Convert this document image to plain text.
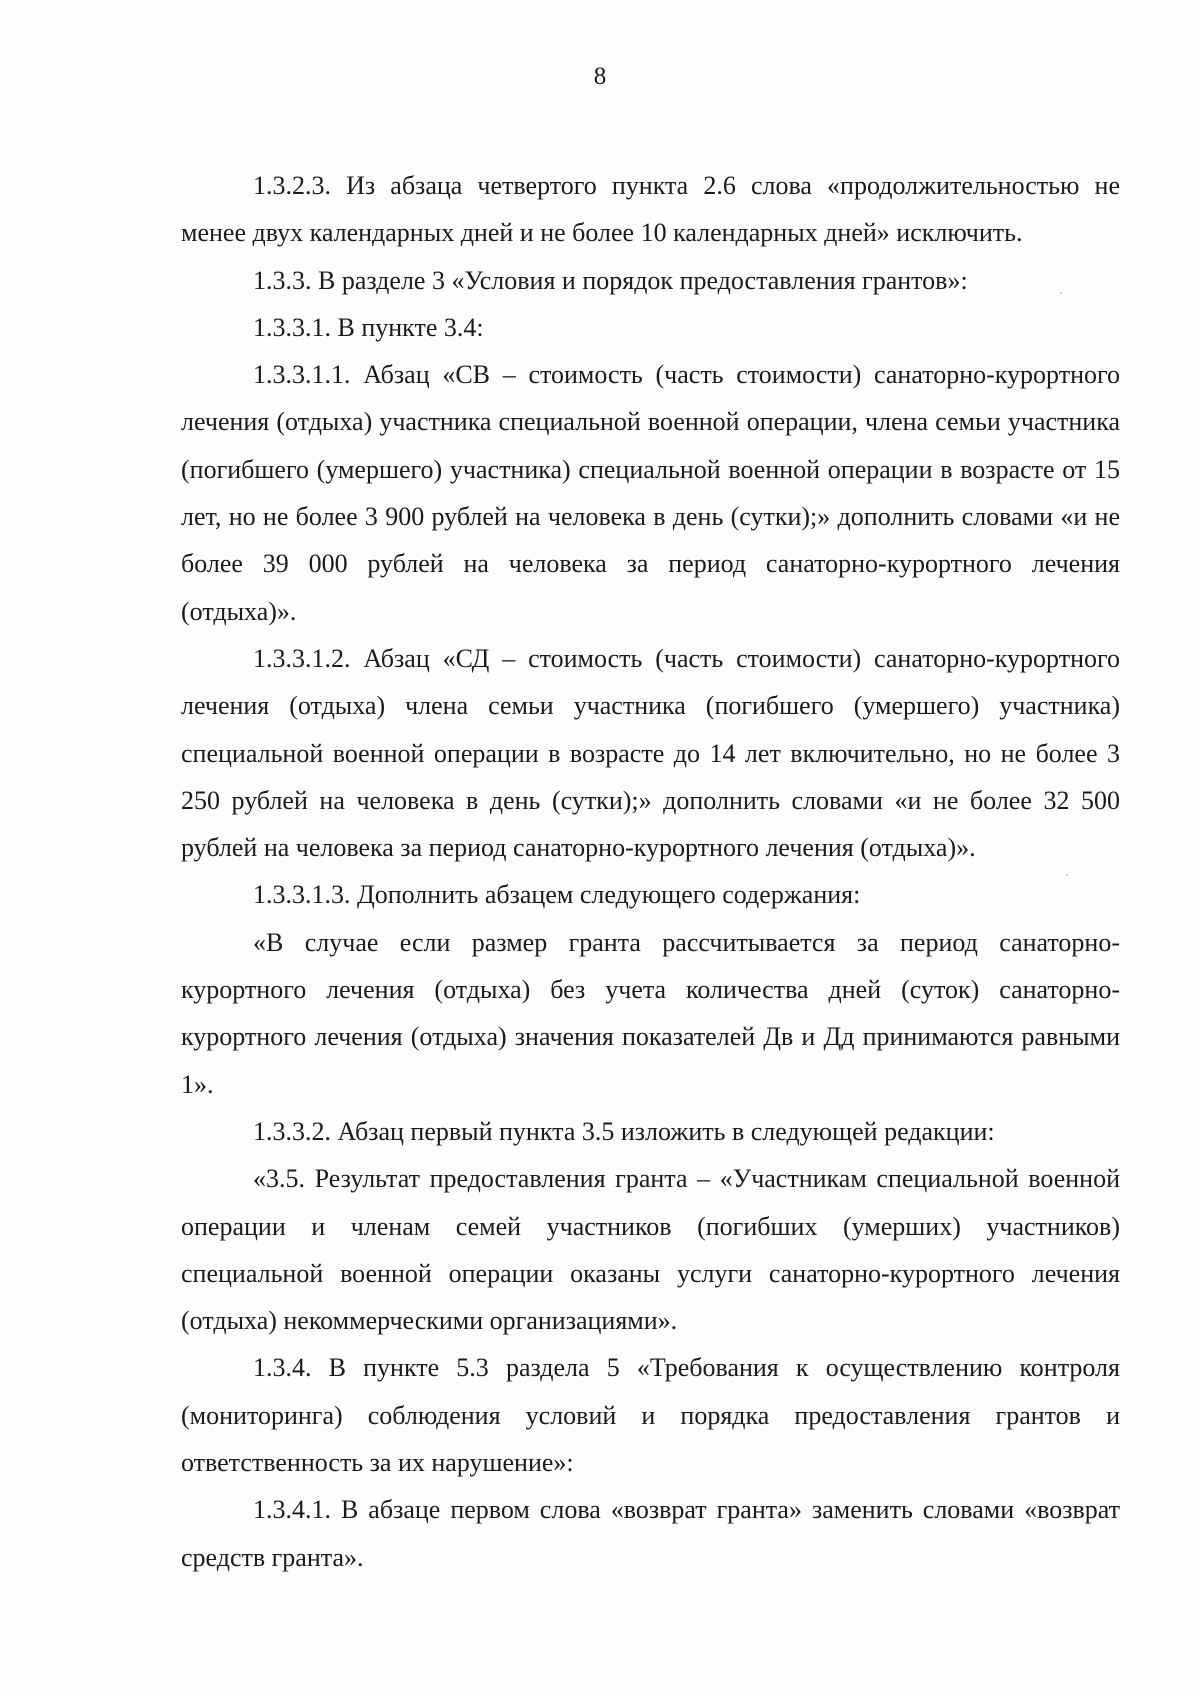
8

1.3.2.3. Из абзаца четвертого пункта 2.6 слова «продолжительностью не менее двух календарных дней и не более 10 календарных дней» исключить.

1.3.3. В разделе 3 «Условия и порядок предоставления грантов»:

1.3.3.1. В пункте 3.4:

1.3.3.1.1. Абзац «СВ – стоимость (часть стоимости) санаторно-курортного лечения (отдыха) участника специальной военной операции, члена семьи участника (погибшего (умершего) участника) специальной военной операции в возрасте от 15 лет, но не более 3 900 рублей на человека в день (сутки);» дополнить словами «и не более 39 000 рублей на человека за период санаторно-курортного лечения (отдыха)».

1.3.3.1.2. Абзац «СД – стоимость (часть стоимости) санаторно-курортного лечения (отдыха) члена семьи участника (погибшего (умершего) участника) специальной военной операции в возрасте до 14 лет включительно, но не более 3 250 рублей на человека в день (сутки);» дополнить словами «и не более 32 500 рублей на человека за период санаторно-курортного лечения (отдыха)».

1.3.3.1.3. Дополнить абзацем следующего содержания:

«В случае если размер гранта рассчитывается за период санаторно-курортного лечения (отдыха) без учета количества дней (суток) санаторно-курортного лечения (отдыха) значения показателей Дв и Дд принимаются равными 1».

1.3.3.2. Абзац первый пункта 3.5 изложить в следующей редакции:

«3.5. Результат предоставления гранта – «Участникам специальной военной операции и членам семей участников (погибших (умерших) участников) специальной военной операции оказаны услуги санаторно-курортного лечения (отдыха) некоммерческими организациями».

1.3.4. В пункте 5.3 раздела 5 «Требования к осуществлению контроля (мониторинга) соблюдения условий и порядка предоставления грантов и ответственность за их нарушение»:

1.3.4.1. В абзаце первом слова «возврат гранта» заменить словами «возврат средств гранта».
